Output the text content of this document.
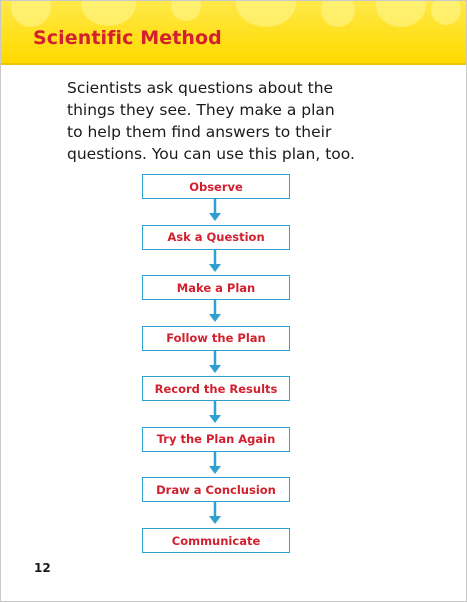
Scientific Method

Scientists ask questions about the
things they see. They make a plan
to help them find answers to their
questions. You can use this plan, too.

Observe
Ask a Question
Make a Plan
Follow the Plan
Record the Results
Try the Plan Again
Draw a Conclusion
Communicate
12
